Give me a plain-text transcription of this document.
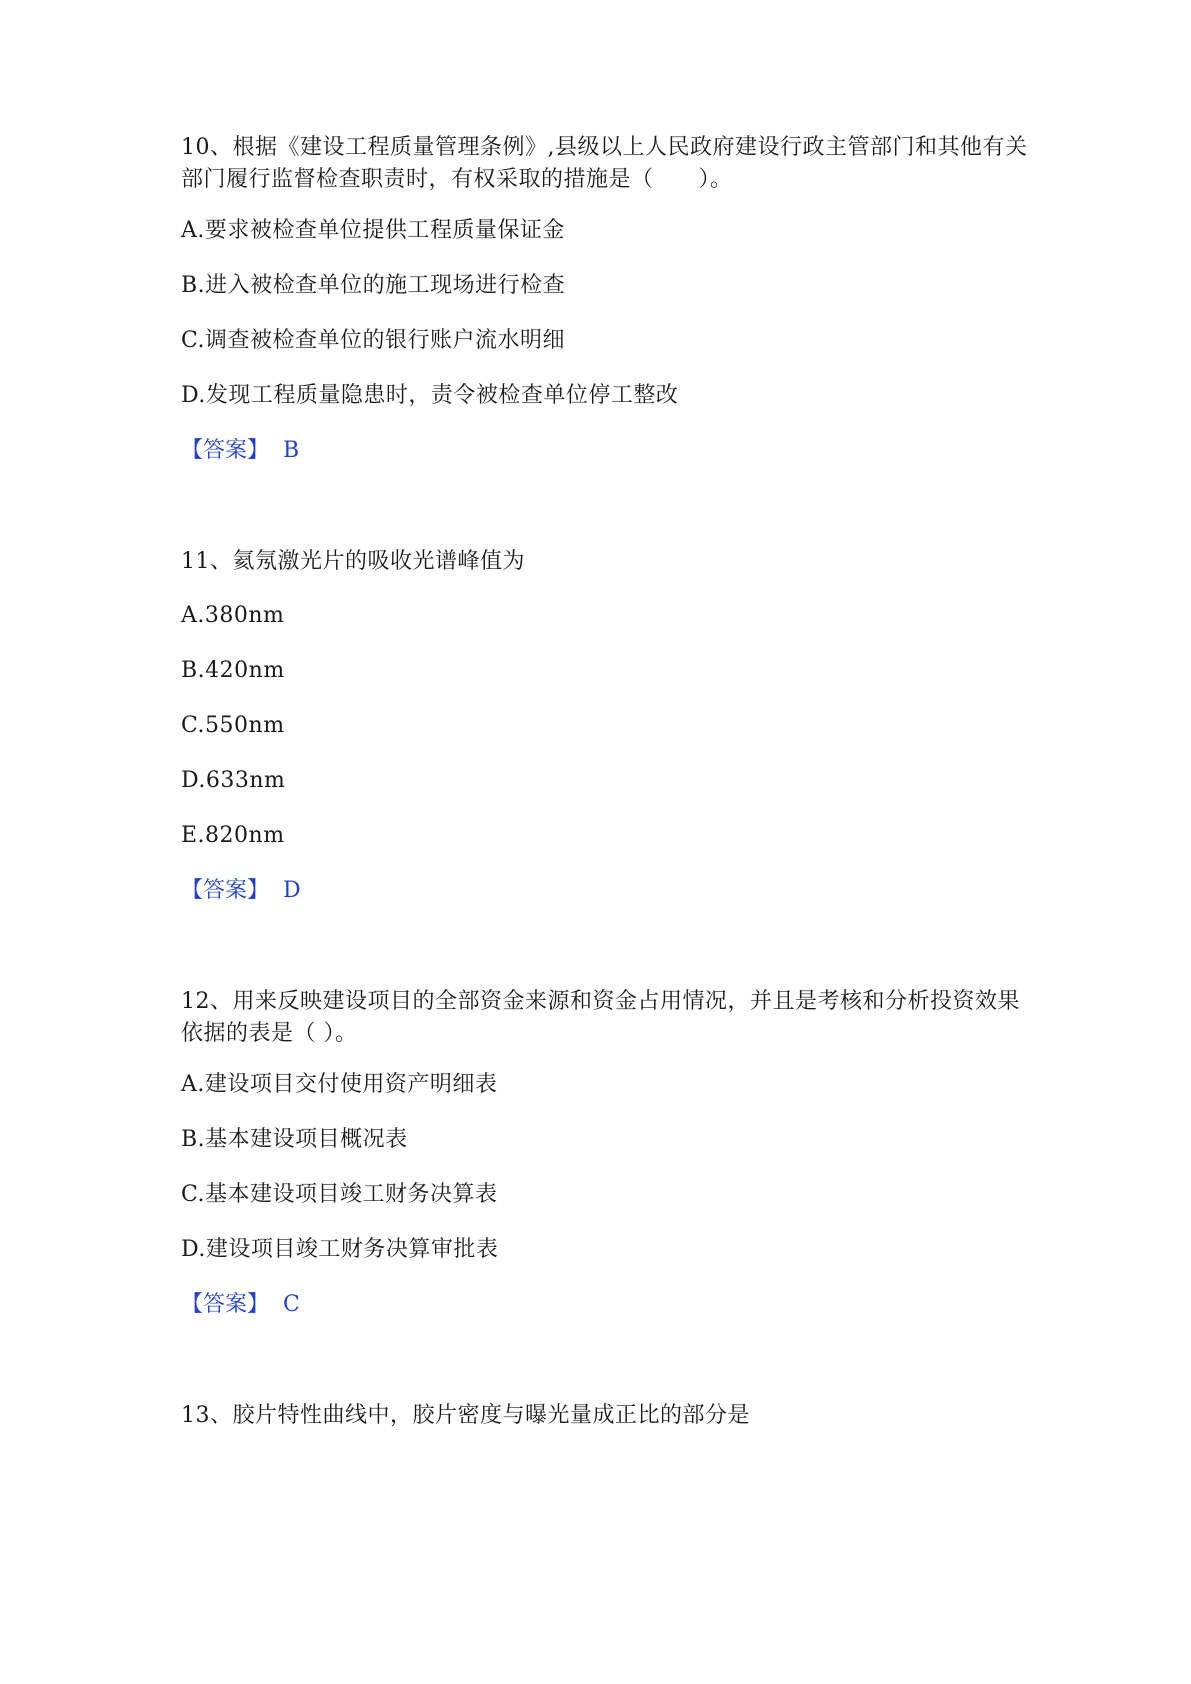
10、根据《建设工程质量管理条例》,县级以上人民政府建设行政主管部门和其他有关部门履行监督检查职责时，有权采取的措施是（　　）。

A.要求被检查单位提供工程质量保证金
B.进入被检查单位的施工现场进行检查
C.调查被检查单位的银行账户流水明细
D.发现工程质量隐患时，责令被检查单位停工整改
【答案】 B

11、氦氖激光片的吸收光谱峰值为

A.380nm
B.420nm
C.550nm
D.633nm
E.820nm
【答案】 D

12、用来反映建设项目的全部资金来源和资金占用情况，并且是考核和分析投资效果依据的表是（ ）。

A.建设项目交付使用资产明细表
B.基本建设项目概况表
C.基本建设项目竣工财务决算表
D.建设项目竣工财务决算审批表
【答案】 C

13、胶片特性曲线中，胶片密度与曝光量成正比的部分是
